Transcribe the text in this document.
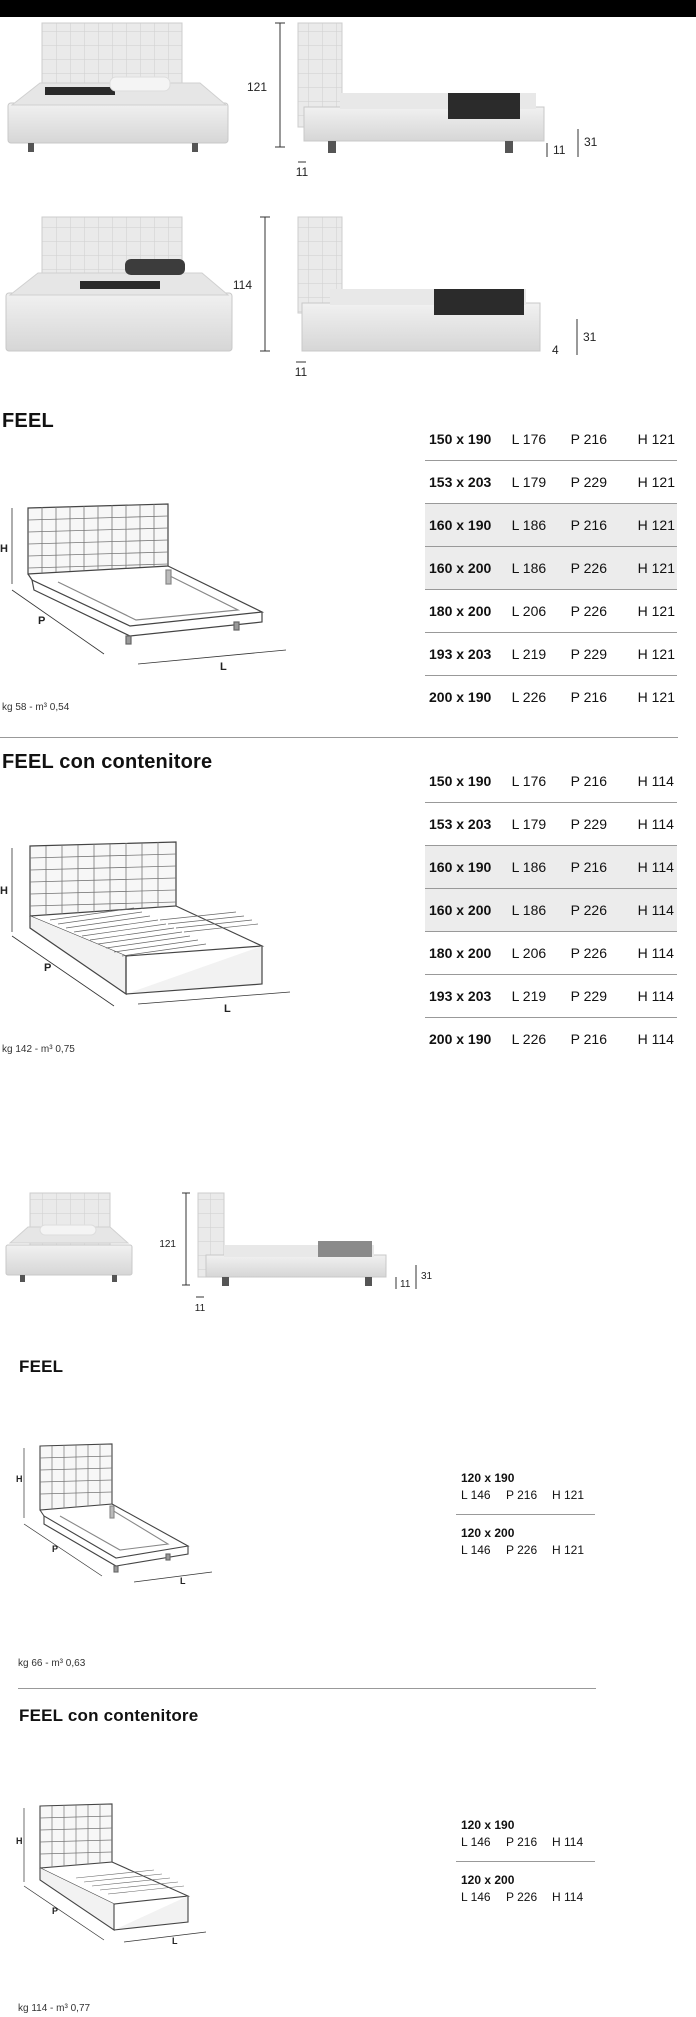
121
11
11
31
114
11
4
31
FEEL
H
P
L
kg 58 - m³ 0,54
150 x 190	L 176	P 216	H 121
153 x 203	L 179	P 229	H 121
160 x 190	L 186	P 216	H 121
160 x 200	L 186	P 226	H 121
180 x 200	L 206	P 226	H 121
193 x 203	L 219	P 229	H 121
200 x 190	L 226	P 216	H 121
FEEL con contenitore
H
P
L
kg 142 - m³ 0,75
150 x 190	L 176	P 216	H 114
153 x 203	L 179	P 229	H 114
160 x 190	L 186	P 216	H 114
160 x 200	L 186	P 226	H 114
180 x 200	L 206	P 226	H 114
193 x 203	L 219	P 229	H 114
200 x 190	L 226	P 216	H 114
121
11
11
31
FEEL
H
P
L
120 x 190
L 146 P 216 H 121
120 x 200
L 146 P 226 H 121
kg 66 - m³ 0,63
FEEL con contenitore
H
P
L
120 x 190
L 146 P 216 H 114
120 x 200
L 146 P 226 H 114
kg 114 - m³ 0,77
